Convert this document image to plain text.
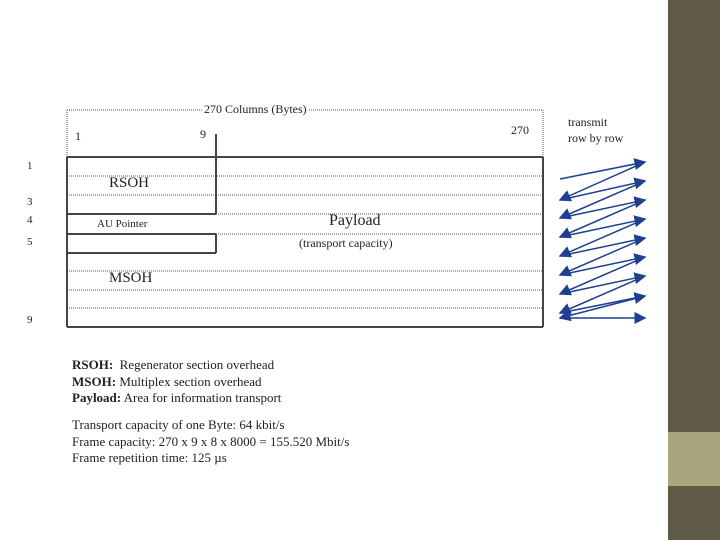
270 Columns (Bytes)
1	9	270
transmit
row by row
1
3
4
5
9
RSOH
AU Pointer
MSOH
Payload
(transport capacity)
RSOH: Regenerator section overhead
MSOH: Multiplex section overhead
Payload: Area for information transport
Transport capacity of one Byte: 64 kbit/s
Frame capacity: 270 x 9 x 8 x 8000 = 155.520 Mbit/s
Frame repetition time: 125 µs
